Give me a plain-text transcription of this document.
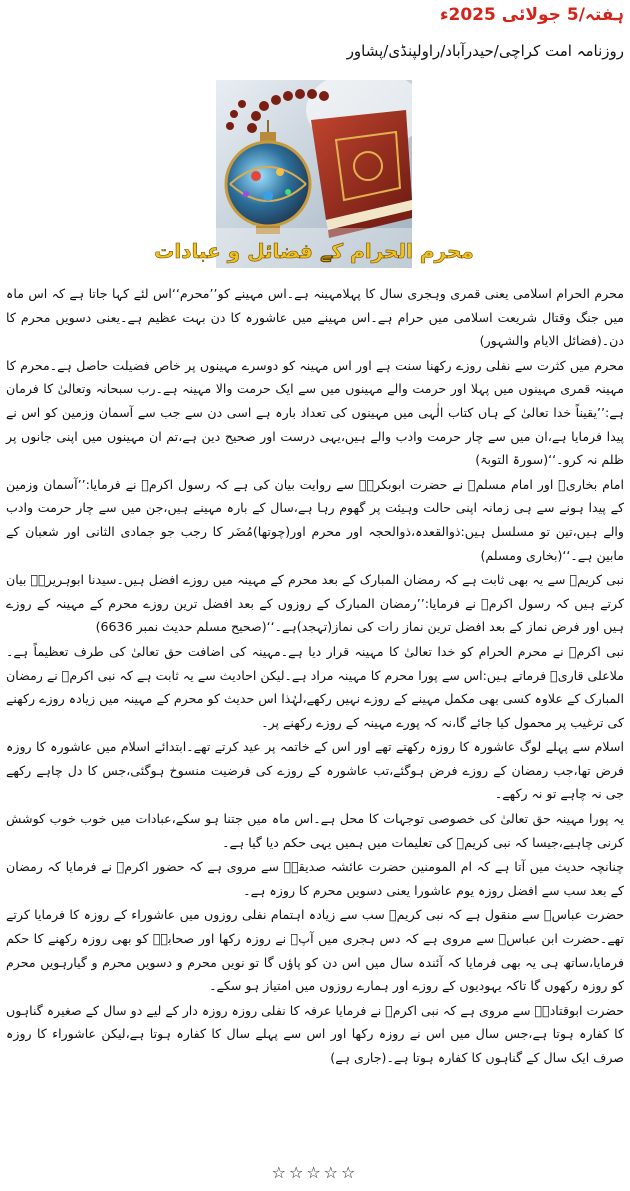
ہفتہ/5 جولائی 2025ء
روزنامہ امت کراچی/حیدرآباد/راولپنڈی/پشاور
محرم الحرام کے فضائل و عبادات

محرم الحرام اسلامی یعنی قمری وہجری سال کا پہلامہینہ ہے۔اس مہینے کو’’محرم‘‘اس لئے کہا جاتا ہے کہ اس ماہ میں جنگ وقتال شریعت اسلامی میں حرام ہے۔اس مہینے میں عاشورہ کا دن بہت عظیم ہے۔یعنی دسویں محرم کا دن۔(فضائل الایام والشہور)

محرم میں کثرت سے نفلی روزے رکھنا سنت ہے اور اس مہینہ کو دوسرے مہینوں پر خاص فضیلت حاصل ہے۔محرم کا مہینہ قمری مہینوں میں پہلا اور حرمت والے مہینوں میں سے ایک حرمت والا مہینہ ہے۔رب سبحانہ وتعالیٰ کا فرمان ہے:’’یقیناً خدا تعالیٰ کے ہاں کتاب الٰہی میں مہینوں کی تعداد بارہ ہے اسی دن سے جب سے آسمان وزمین کو اس نے پیدا فرمایا ہے،ان میں سے چار حرمت وادب والے ہیں،یہی درست اور صحیح دین ہے،تم ان مہینوں میں اپنی جانوں پر ظلم نہ کرو۔‘‘(سورۃ التوبۃ)

امام بخاریؒ اور امام مسلمؒ نے حضرت ابوبکرہؓ سے روایت بیان کی ہے کہ رسول اکرمؐ نے فرمایا:’’آسمان وزمین کے پیدا ہونے سے ہی زمانہ اپنی حالت وہیئت پر گھوم رہا ہے،سال کے بارہ مہینے ہیں،جن میں سے چار حرمت وادب والے ہیں،تین تو مسلسل ہیں:ذوالقعدہ،ذوالحجہ اور محرم اور(چوتھا)مُضَر کا رجب جو جمادی الثانی اور شعبان کے مابین ہے۔‘‘(بخاری ومسلم)

نبی کریمؐ سے یہ بھی ثابت ہے کہ رمضان المبارک کے بعد محرم کے مہینہ میں روزے افضل ہیں۔سیدنا ابوہریرہؓ بیان کرتے ہیں کہ رسول اکرمؐ نے فرمایا:’’رمضان المبارک کے روزوں کے بعد افضل ترین روزے محرم کے مہینہ کے روزے ہیں اور فرض نماز کے بعد افضل ترین نماز رات کی نماز(تہجد)ہے۔‘‘(صحیح مسلم حدیث نمبر 6636)

نبی اکرمؐ نے محرم الحرام کو خدا تعالیٰ کا مہینہ قرار دیا ہے۔مہینہ کی اضافت حق تعالیٰ کی طرف تعظیماً ہے۔ملاعلی قاریؒ فرماتے ہیں:اس سے پورا محرم کا مہینہ مراد ہے۔لیکن احادیث سے یہ ثابت ہے کہ نبی اکرمؐ نے رمضان المبارک کے علاوہ کسی بھی مکمل مہینے کے روزے نہیں رکھے،لہٰذا اس حدیث کو محرم کے مہینہ میں زیادہ روزے رکھنے کی ترغیب پر محمول کیا جائے گا،نہ کہ پورے مہینہ کے روزے رکھنے پر۔

اسلام سے پہلے لوگ عاشورہ کا روزہ رکھتے تھے اور اس کے خاتمہ پر عید کرتے تھے۔ابتدائے اسلام میں عاشورہ کا روزہ فرض تھا،جب رمضان کے روزے فرض ہوگئے،تب عاشورہ کے روزے کی فرضیت منسوخ ہوگئی،جس کا دل چاہے رکھے جی نہ چاہے تو نہ رکھے۔

یہ پورا مہینہ حق تعالیٰ کی خصوصی توجہات کا محل ہے۔اس ماہ میں جتنا ہو سکے،عبادات میں خوب خوب کوشش کرنی چاہیے،جیسا کہ نبی کریمؐ کی تعلیمات میں ہمیں یہی حکم دیا گیا ہے۔

چنانچہ حدیث میں آتا ہے کہ ام المومنین حضرت عائشہ صدیقہؓ سے مروی ہے کہ حضور اکرمؐ نے فرمایا کہ رمضان کے بعد سب سے افضل روزہ یوم عاشورا یعنی دسویں محرم کا روزہ ہے۔

حضرت عباسؓ سے منقول ہے کہ نبی کریمؐ سب سے زیادہ اہتمام نفلی روزوں میں عاشوراء کے روزہ کا فرمایا کرتے تھے۔حضرت ابن عباسؓ سے مروی ہے کہ دس ہجری میں آپؐ نے روزہ رکھا اور صحابہؓ کو بھی روزہ رکھنے کا حکم فرمایا،ساتھ ہی یہ بھی فرمایا کہ آئندہ سال میں اس دن کو پاؤں گا تو نویں محرم و دسویں محرم و گیارہویں محرم کو روزہ رکھوں گا تاکہ یہودیوں کے روزے اور ہمارے روزوں میں امتیاز ہو سکے۔

حضرت ابوقتادہؓ سے مروی ہے کہ نبی اکرمؐ نے فرمایا عرفہ کا نفلی روزہ روزہ دار کے لیے دو سال کے صغیرہ گناہوں کا کفارہ ہوتا ہے،جس سال میں اس نے روزہ رکھا اور اس سے پہلے سال کا کفارہ ہوتا ہے،لیکن عاشوراء کا روزہ صرف ایک سال کے گناہوں کا کفارہ ہوتا ہے۔(جاری ہے)

☆☆☆☆☆
